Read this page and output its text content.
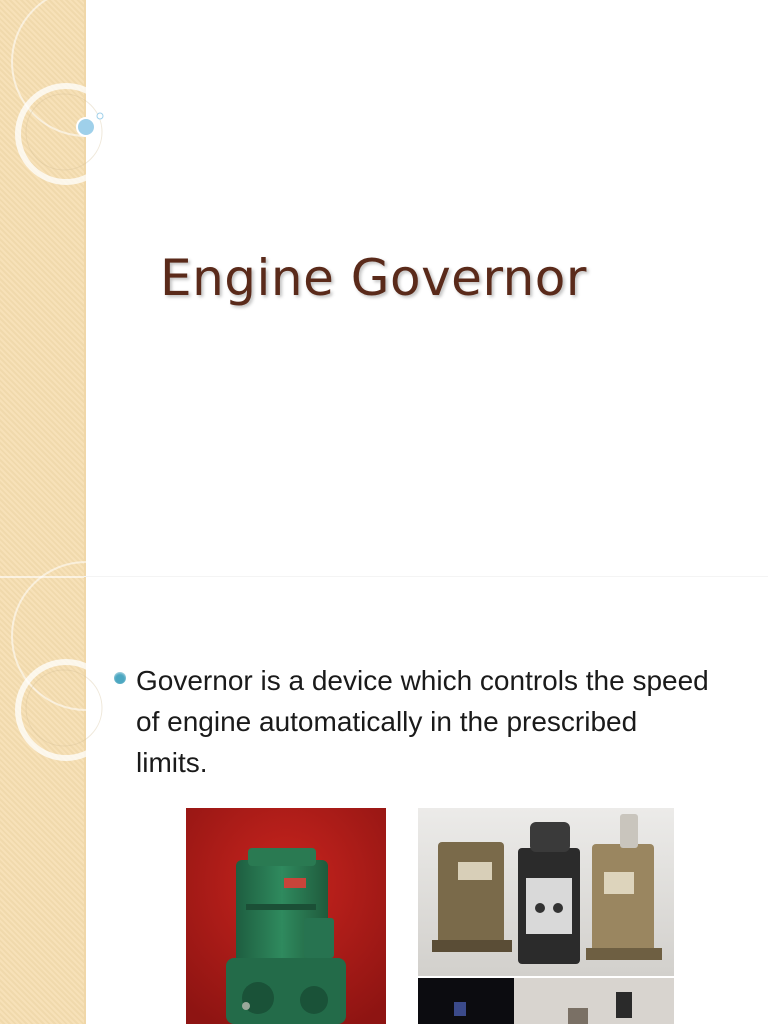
Engine Governor

Governor is a device which controls the speed of engine automatically in the prescribed limits.
